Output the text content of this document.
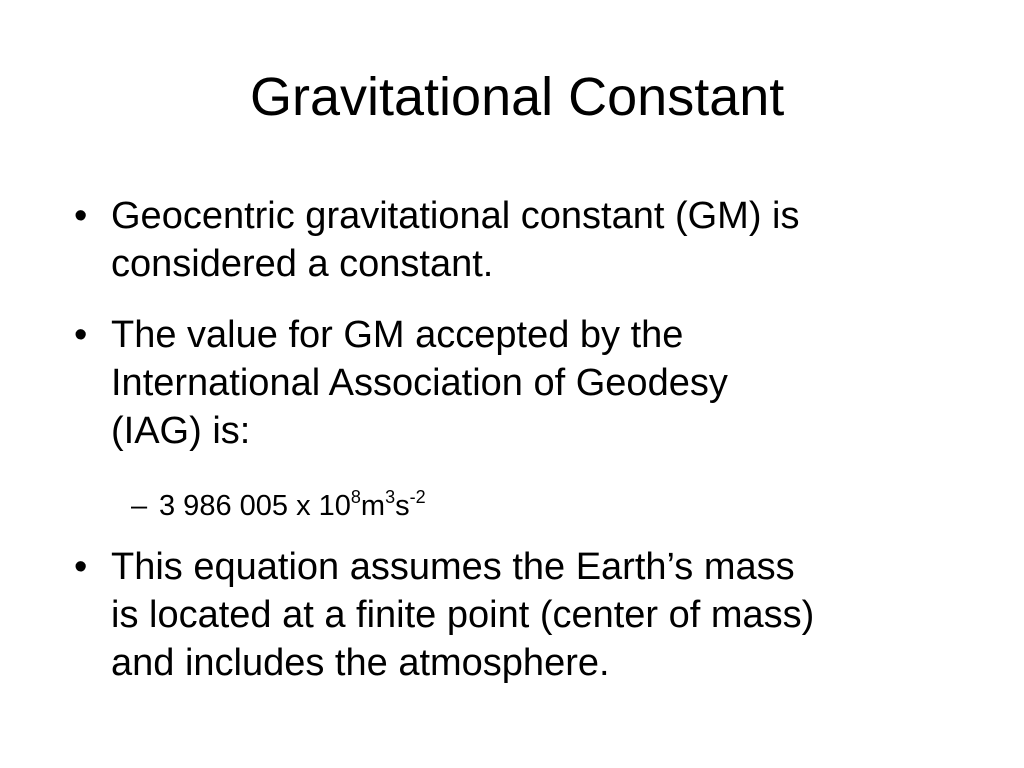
Gravitational Constant
• Geocentric gravitational constant (GM) is
considered a constant.
• The value for GM accepted by the
International Association of Geodesy
(IAG) is:
– 3 986 005 x $10^8m^3s^{-2}$
• This equation assumes the Earth’s mass
is located at a finite point (center of mass)
and includes the atmosphere.
